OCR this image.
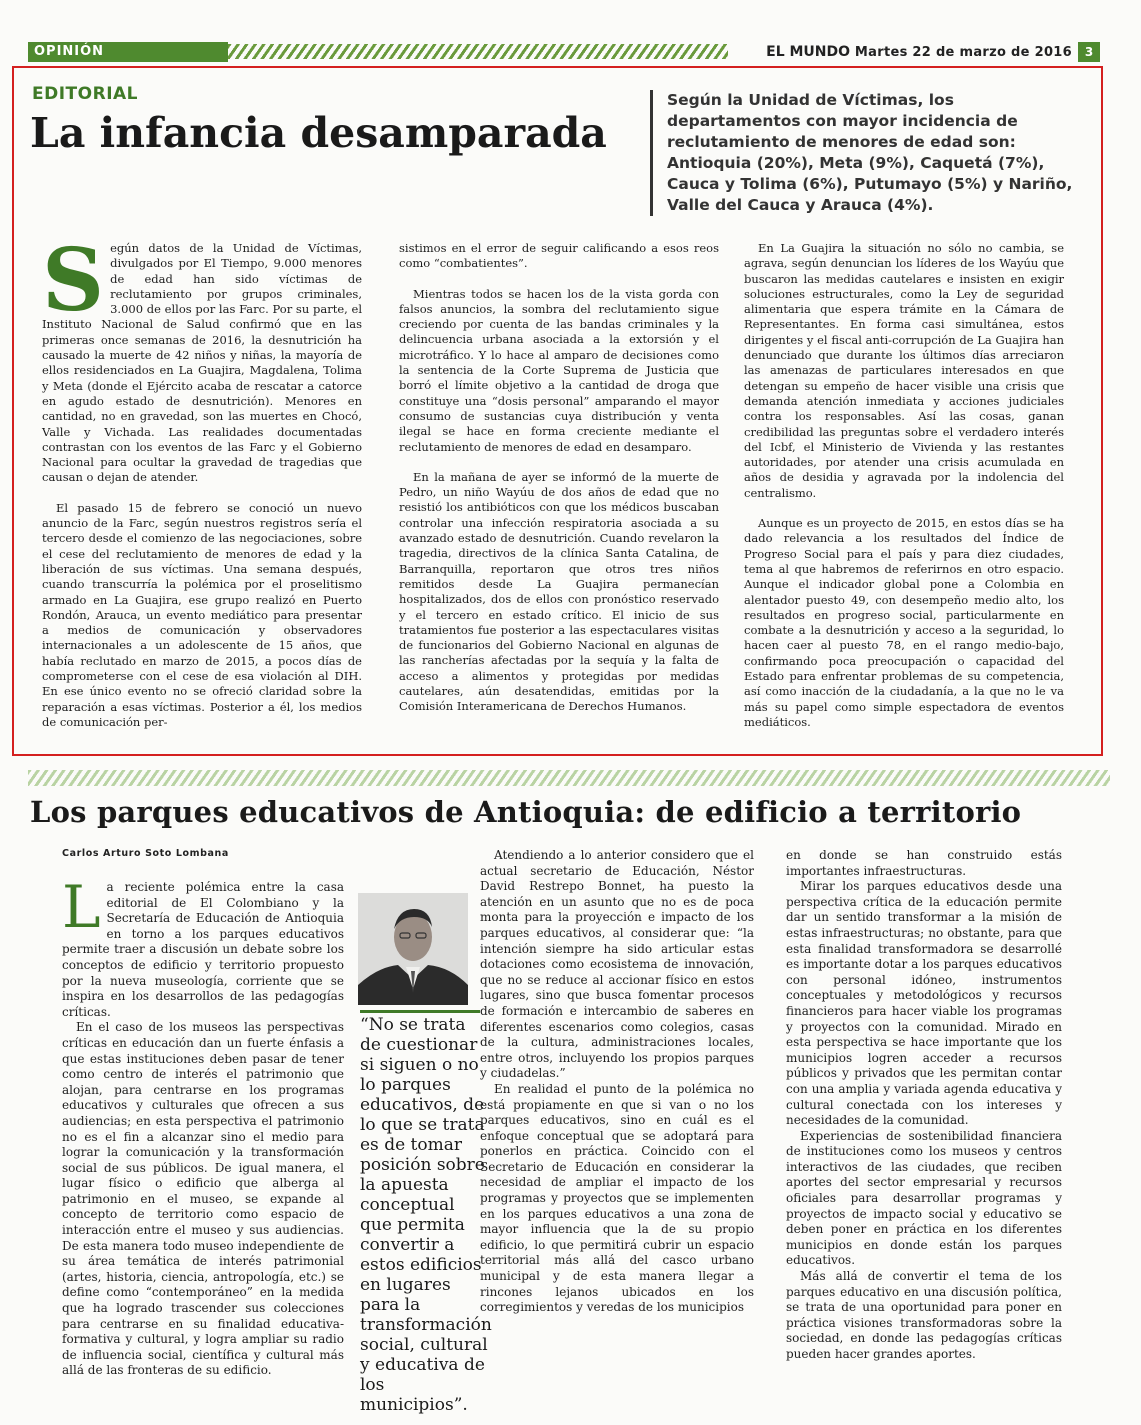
OPINIÓN	EL MUNDO Martes 22 de marzo de 2016	3
EDITORIAL
La infancia desamparada
Según la Unidad de Víctimas, los departamentos con mayor incidencia de reclutamiento de menores de edad son: Antioquia (20%), Meta (9%), Caquetá (7%), Cauca y Tolima (6%), Putumayo (5%) y Nariño, Valle del Cauca y Arauca (4%).

Según datos de la Unidad de Víctimas, divulgados por El Tiempo, 9.000 menores de edad han sido víctimas de reclutamiento por grupos criminales, 3.000 de ellos por las Farc. Por su parte, el Instituto Nacional de Salud confirmó que en las primeras once semanas de 2016, la desnutrición ha causado la muerte de 42 niños y niñas, la mayoría de ellos residenciados en La Guajira, Magdalena, Tolima y Meta (donde el Ejército acaba de rescatar a catorce en agudo estado de desnutrición). Menores en cantidad, no en gravedad, son las muertes en Chocó, Valle y Vichada. Las realidades documentadas contrastan con los eventos de las Farc y el Gobierno Nacional para ocultar la gravedad de tragedias que causan o dejan de atender.

El pasado 15 de febrero se conoció un nuevo anuncio de la Farc, según nuestros registros sería el tercero desde el comienzo de las negociaciones, sobre el cese del reclutamiento de menores de edad y la liberación de sus víctimas. Una semana después, cuando transcurría la polémica por el proselitismo armado en La Guajira, ese grupo realizó en Puerto Rondón, Arauca, un evento mediático para presentar a medios de comunicación y observadores internacionales a un adolescente de 15 años, que había reclutado en marzo de 2015, a pocos días de comprometerse con el cese de esa violación al DIH. En ese único evento no se ofreció claridad sobre la reparación a esas víctimas. Posterior a él, los medios de comunicación per-

sistimos en el error de seguir calificando a esos reos como “combatientes”.

Mientras todos se hacen los de la vista gorda con falsos anuncios, la sombra del reclutamiento sigue creciendo por cuenta de las bandas criminales y la delincuencia urbana asociada a la extorsión y el microtráfico. Y lo hace al amparo de decisiones como la sentencia de la Corte Suprema de Justicia que borró el límite objetivo a la cantidad de droga que constituye una “dosis personal” amparando el mayor consumo de sustancias cuya distribución y venta ilegal se hace en forma creciente mediante el reclutamiento de menores de edad en desamparo.

En la mañana de ayer se informó de la muerte de Pedro, un niño Wayúu de dos años de edad que no resistió los antibióticos con que los médicos buscaban controlar una infección respiratoria asociada a su avanzado estado de desnutrición. Cuando revelaron la tragedia, directivos de la clínica Santa Catalina, de Barranquilla, reportaron que otros tres niños remitidos desde La Guajira permanecían hospitalizados, dos de ellos con pronóstico reservado y el tercero en estado crítico. El inicio de sus tratamientos fue posterior a las espectaculares visitas de funcionarios del Gobierno Nacional en algunas de las rancherías afectadas por la sequía y la falta de acceso a alimentos y protegidas por medidas cautelares, aún desatendidas, emitidas por la Comisión Interamericana de Derechos Humanos.

En La Guajira la situación no sólo no cambia, se agrava, según denuncian los líderes de los Wayúu que buscaron las medidas cautelares e insisten en exigir soluciones estructurales, como la Ley de seguridad alimentaria que espera trámite en la Cámara de Representantes. En forma casi simultánea, estos dirigentes y el fiscal anti-corrupción de La Guajira han denunciado que durante los últimos días arreciaron las amenazas de particulares interesados en que detengan su empeño de hacer visible una crisis que demanda atención inmediata y acciones judiciales contra los responsables. Así las cosas, ganan credibilidad las preguntas sobre el verdadero interés del Icbf, el Ministerio de Vivienda y las restantes autoridades, por atender una crisis acumulada en años de desidia y agravada por la indolencia del centralismo.

Aunque es un proyecto de 2015, en estos días se ha dado relevancia a los resultados del Índice de Progreso Social para el país y para diez ciudades, tema al que habremos de referirnos en otro espacio. Aunque el indicador global pone a Colombia en alentador puesto 49, con desempeño medio alto, los resultados en progreso social, particularmente en combate a la desnutrición y acceso a la seguridad, lo hacen caer al puesto 78, en el rango medio-bajo, confirmando poca preocupación o capacidad del Estado para enfrentar problemas de su competencia, así como inacción de la ciudadanía, a la que no le va más su papel como simple espectadora de eventos mediáticos.

Los parques educativos de Antioquia: de edificio a territorio
Carlos Arturo Soto Lombana

La reciente polémica entre la casa editorial de El Colombiano y la Secretaría de Educación de Antioquia en torno a los parques educativos permite traer a discusión un debate sobre los conceptos de edificio y territorio propuesto por la nueva museología, corriente que se inspira en los desarrollos de las pedagogías críticas.

En el caso de los museos las perspectivas críticas en educación dan un fuerte énfasis a que estas instituciones deben pasar de tener como centro de interés el patrimonio que alojan, para centrarse en los programas educativos y culturales que ofrecen a sus audiencias; en esta perspectiva el patrimonio no es el fin a alcanzar sino el medio para lograr la comunicación y la transformación social de sus públicos. De igual manera, el lugar físico o edificio que alberga al patrimonio en el museo, se expande al concepto de territorio como espacio de interacción entre el museo y sus audiencias. De esta manera todo museo independiente de su área temática de interés patrimonial (artes, historia, ciencia, antropología, etc.) se define como “contemporáneo” en la medida que ha logrado trascender sus colecciones para centrarse en su finalidad educativa-formativa y cultural, y logra ampliar su radio de influencia social, científica y cultural más allá de las fronteras de su edificio.

“No se trata de cuestionar si siguen o no lo parques educativos, de lo que se trata es de tomar posición sobre la apuesta conceptual que permita convertir a estos edificios en lugares para la transformación social, cultural y educativa de los municipios”.

Atendiendo a lo anterior considero que el actual secretario de Educación, Néstor David Restrepo Bonnet, ha puesto la atención en un asunto que no es de poca monta para la proyección e impacto de los parques educativos, al considerar que: “la intención siempre ha sido articular estas dotaciones como ecosistema de innovación, que no se reduce al accionar físico en estos lugares, sino que busca fomentar procesos de formación e intercambio de saberes en diferentes escenarios como colegios, casas de la cultura, administraciones locales, entre otros, incluyendo los propios parques y ciudadelas.”

En realidad el punto de la polémica no está propiamente en que si van o no los parques educativos, sino en cuál es el enfoque conceptual que se adoptará para ponerlos en práctica. Coincido con el Secretario de Educación en considerar la necesidad de ampliar el impacto de los programas y proyectos que se implementen en los parques educativos a una zona de mayor influencia que la de su propio edificio, lo que permitirá cubrir un espacio territorial más allá del casco urbano municipal y de esta manera llegar a rincones lejanos ubicados en los corregimientos y veredas de los municipios

en donde se han construido estás importantes infraestructuras.

Mirar los parques educativos desde una perspectiva crítica de la educación permite dar un sentido transformar a la misión de estas infraestructuras; no obstante, para que esta finalidad transformadora se desarrollé es importante dotar a los parques educativos con personal idóneo, instrumentos conceptuales y metodológicos y recursos financieros para hacer viable los programas y proyectos con la comunidad. Mirado en esta perspectiva se hace importante que los municipios logren acceder a recursos públicos y privados que les permitan contar con una amplia y variada agenda educativa y cultural conectada con los intereses y necesidades de la comunidad.

Experiencias de sostenibilidad financiera de instituciones como los museos y centros interactivos de las ciudades, que reciben aportes del sector empresarial y recursos oficiales para desarrollar programas y proyectos de impacto social y educativo se deben poner en práctica en los diferentes municipios en donde están los parques educativos.

Más allá de convertir el tema de los parques educativo en una discusión política, se trata de una oportunidad para poner en práctica visiones transformadoras sobre la sociedad, en donde las pedagogías críticas pueden hacer grandes aportes.
